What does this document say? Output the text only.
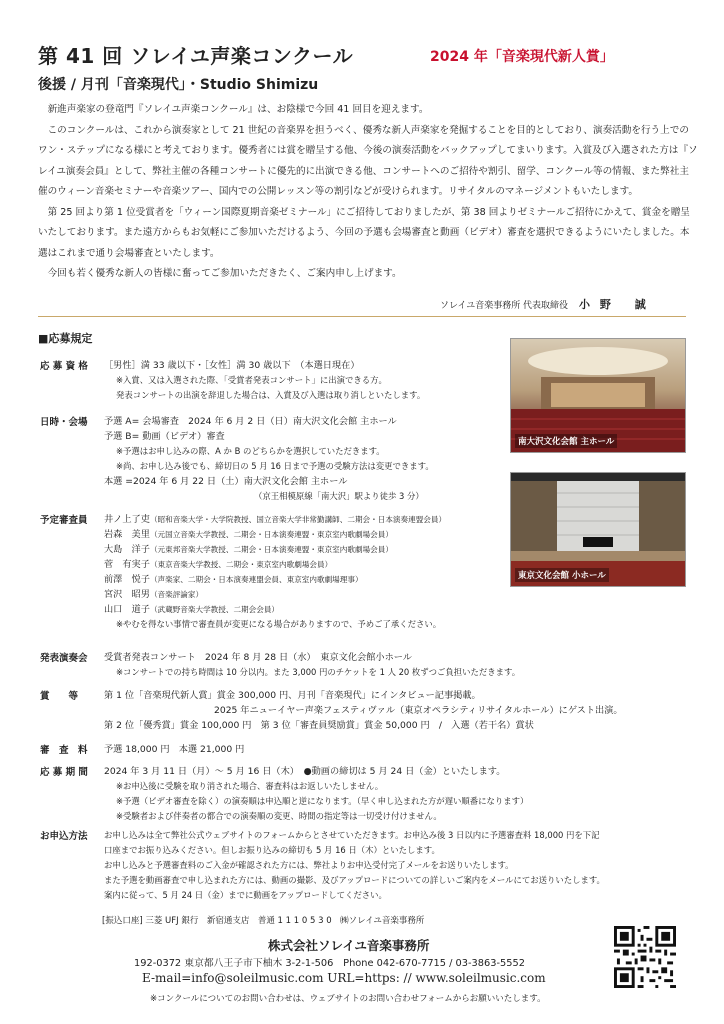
第 41 回 ソレイユ声楽コンクール	2024 年「音楽現代新人賞」
後援 / 月刊「音楽現代」・Studio Shimizu

新進声楽家の登竜門『ソレイユ声楽コンクール』は、お陰様で今回 41 回目を迎えます。

このコンクールは、これから演奏家として 21 世紀の音楽界を担うべく、優秀な新人声楽家を発掘することを目的としており、演奏活動を行う上でのワン・ステップになる様にと考えております。優秀者には賞を贈呈する他、今後の演奏活動をバックアップしてまいります。入賞及び入選された方は『ソレイユ演奏会員』として、弊社主催の各種コンサートに優先的に出演できる他、コンサートへのご招待や割引、留学、コンクール等の情報、また弊社主催のウィーン音楽セミナーや音楽ツアー、国内での公開レッスン等の割引などが受けられます。リサイタルのマネージメントもいたします。

第 25 回より第 1 位受賞者を「ウィーン国際夏期音楽ゼミナール」にご招待しておりましたが、第 38 回よりゼミナールご招待にかえて、賞金を贈呈いたしております。また遠方からもお気軽にご参加いただけるよう、今回の予選も会場審査と動画（ビデオ）審査を選択できるようにいたしました。本選はこれまで通り会場審査といたします。

今回も若く優秀な新人の皆様に奮ってご参加いただきたく、ご案内申し上げます。

ソレイユ音楽事務所 代表取締役 小野 誠
■応募規定
南大沢文化会館 主ホール
東京文化会館 小ホール
応 募 資 格	［男性］満 33 歳以下・［女性］満 30 歳以下　（本選日現在）
※入賞、又は入選された際、「受賞者発表コンサート」に出演できる方。
発表コンサートの出演を辞退した場合は、入賞及び入選は取り消しといたします。
日時・会場	予選 A= 会場審査　2024 年 6 月 2 日（日）南大沢文化会館 主ホール
予選 B= 動画（ビデオ）審査
※予選はお申し込みの際、A か B のどちらかを選択していただきます。
※尚、お申し込み後でも、締切日の 5 月 16 日まで予選の受験方法は変更できます。
本選 =2024 年 6 月 22 日（土）南大沢文化会館 主ホール
（京王相模原線「南大沢」駅より徒歩 3 分）
予定審査員	井ノ上了吏（昭和音楽大学・大学院教授、国立音楽大学非常勤講師、二期会・日本演奏連盟会員）
岩森　美里（元国立音楽大学教授、二期会・日本演奏連盟・東京室内歌劇場会員）
大島　洋子（元東邦音楽大学教授、二期会・日本演奏連盟・東京室内歌劇場会員）
菅　有実子（東京音楽大学教授、二期会・東京室内歌劇場会員）
前澤　悦子（声楽家、二期会・日本演奏連盟会員、東京室内歌劇場理事）
宮沢　昭男（音楽評論家）
山口　道子（武蔵野音楽大学教授、二期会会員）
※やむを得ない事情で審査員が変更になる場合がありますので、予めご了承ください。
発表演奏会	受賞者発表コンサート　2024 年 8 月 28 日（水）　東京文化会館小ホール
※コンサートでの持ち時間は 10 分以内。また 3,000 円のチケットを 1 人 20 枚ずつご負担いただきます。
賞　　等	第 1 位「音楽現代新人賞」賞金 300,000 円、月刊「音楽現代」にインタビュー記事掲載。
2025 年ニューイヤー声楽フェスティヴァル（東京オペラシティリサイタルホール）にゲスト出演。
第 2 位「優秀賞」賞金 100,000 円　第 3 位「審査員奨励賞」賞金 50,000 円　/　入選（若干名）賞状
審　査　料	予選 18,000 円　本選 21,000 円
応 募 期 間	2024 年 3 月 11 日（月）～ 5 月 16 日（木）　●動画の締切は 5 月 24 日（金）といたします。
※お申込後に受験を取り消された場合、審査料はお返しいたしません。
※予選（ビデオ審査を除く）の演奏順は申込順と逆になります。（早く申し込まれた方が遅い順番になります）
※受験者および伴奏者の都合での演奏順の変更、時間の指定等は一切受け付けません。
お申込方法	お申し込みは全て弊社公式ウェブサイトのフォームからとさせていただきます。お申込み後 3 日以内に予選審査料 18,000 円を下記
口座までお振り込みください。但しお振り込みの締切も 5 月 16 日（木）といたします。
お申し込みと予選審査料のご入金が確認された方には、弊社よりお申込受付完了メールをお送りいたします。
また予選を動画審査で申し込まれた方には、動画の撮影、及びアップロードについての詳しいご案内をメールにてお送りいたします。
案内に従って、5 月 24 日（金）までに動画をアップロードしてください。
[振込口座] 三菱 UFJ 銀行　新宿通支店　普通 1 1 1 0 5 3 0　㈱ソレイユ音楽事務所
株式会社ソレイユ音楽事務所
192-0372 東京都八王子市下柚木 3-2-1-506　Phone 042-670-7715 / 03-3863-5552
E-mail=info@soleilmusic.com URL=https: // www.soleilmusic.com
※コンクールについてのお問い合わせは、ウェブサイトのお問い合わせフォームからお願いいたします。
